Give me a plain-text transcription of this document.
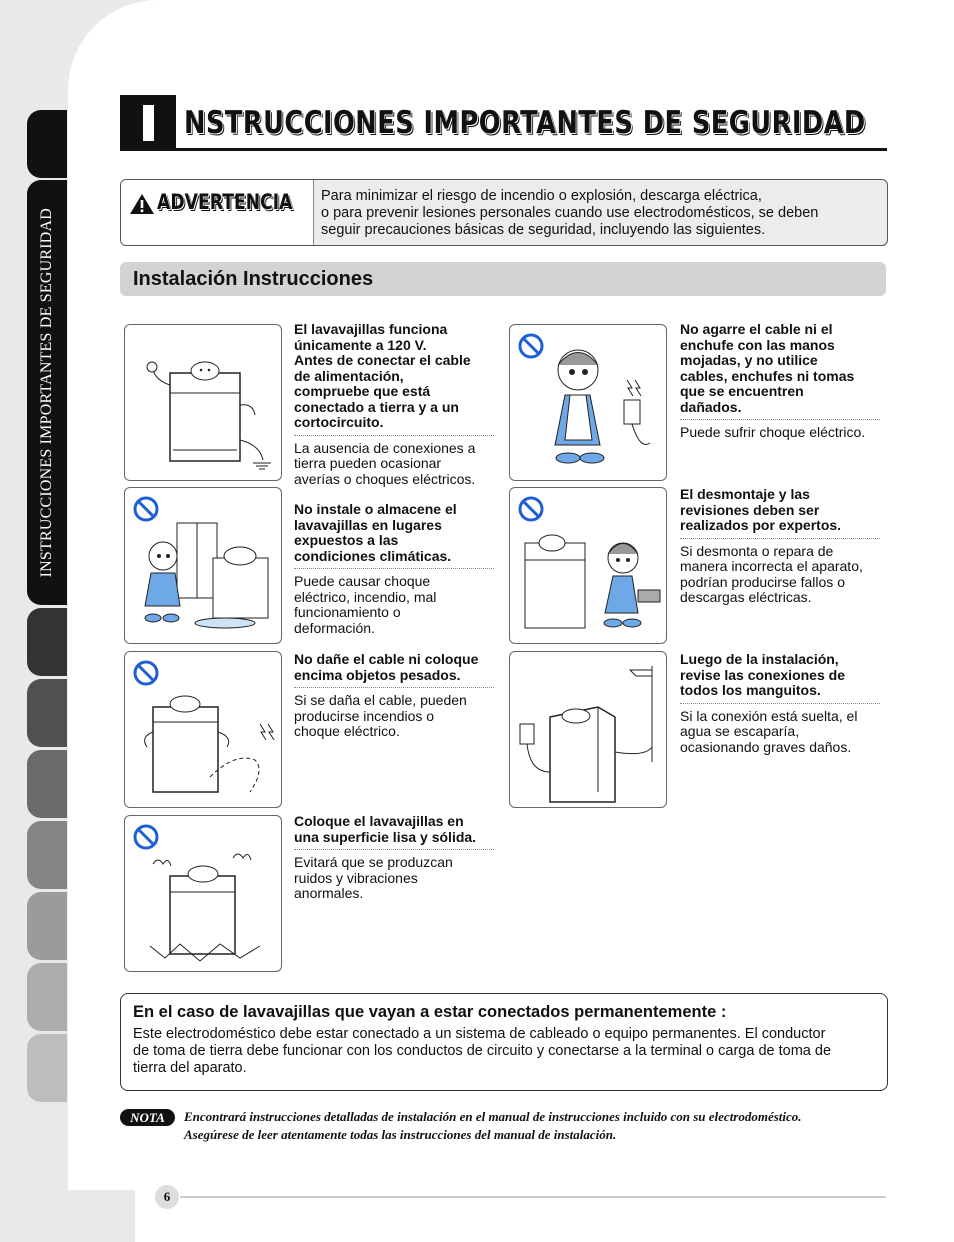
INSTRUCCIONES IMPORTANTES DE SEGURIDAD
NSTRUCCIONES IMPORTANTES DE SEGURIDAD
ADVERTENCIA Para minimizar el riesgo de incendio o explosión, descarga eléctrica,
o para prevenir lesiones personales cuando use electrodomésticos, se deben
seguir precauciones básicas de seguridad, incluyendo las siguientes.
Instalación Instrucciones
El lavavajillas funciona
únicamente a 120 V.
Antes de conectar el cable
de alimentación,
compruebe que está
conectado a tierra y a un
cortocircuito.
La ausencia de conexiones a
tierra pueden ocasionar
averías o choques eléctricos.
No agarre el cable ni el
enchufe con las manos
mojadas, y no utilice
cables, enchufes ni tomas
que se encuentren
dañados.
Puede sufrir choque eléctrico.
No instale o almacene el
lavavajillas en lugares
expuestos a las
condiciones climáticas.
Puede causar choque
eléctrico, incendio, mal
funcionamiento o
deformación.
El desmontaje y las
revisiones deben ser
realizados por expertos.
Si desmonta o repara de
manera incorrecta el aparato,
podrían producirse fallos o
descargas eléctricas.
No dañe el cable ni coloque
encima objetos pesados.
Si se daña el cable, pueden
producirse incendios o
choque eléctrico.
Luego de la instalación,
revise las conexiones de
todos los manguitos.
Si la conexión está suelta, el
agua se escaparía,
ocasionando graves daños.
Coloque el lavavajillas en
una superficie lisa y sólida.
Evitará que se produzcan
ruidos y vibraciones
anormales.
En el caso de lavavajillas que vayan a estar conectados permanentemente :
Este electrodoméstico debe estar conectado a un sistema de cableado o equipo permanentes. El conductor
de toma de tierra debe funcionar con los conductos de circuito y conectarse a la terminal o carga de toma de
tierra del aparato.
NOTA	Encontrará instrucciones detalladas de instalación en el manual de instrucciones incluido con su electrodoméstico.
Asegúrese de leer atentamente todas las instrucciones del manual de instalación.
6
